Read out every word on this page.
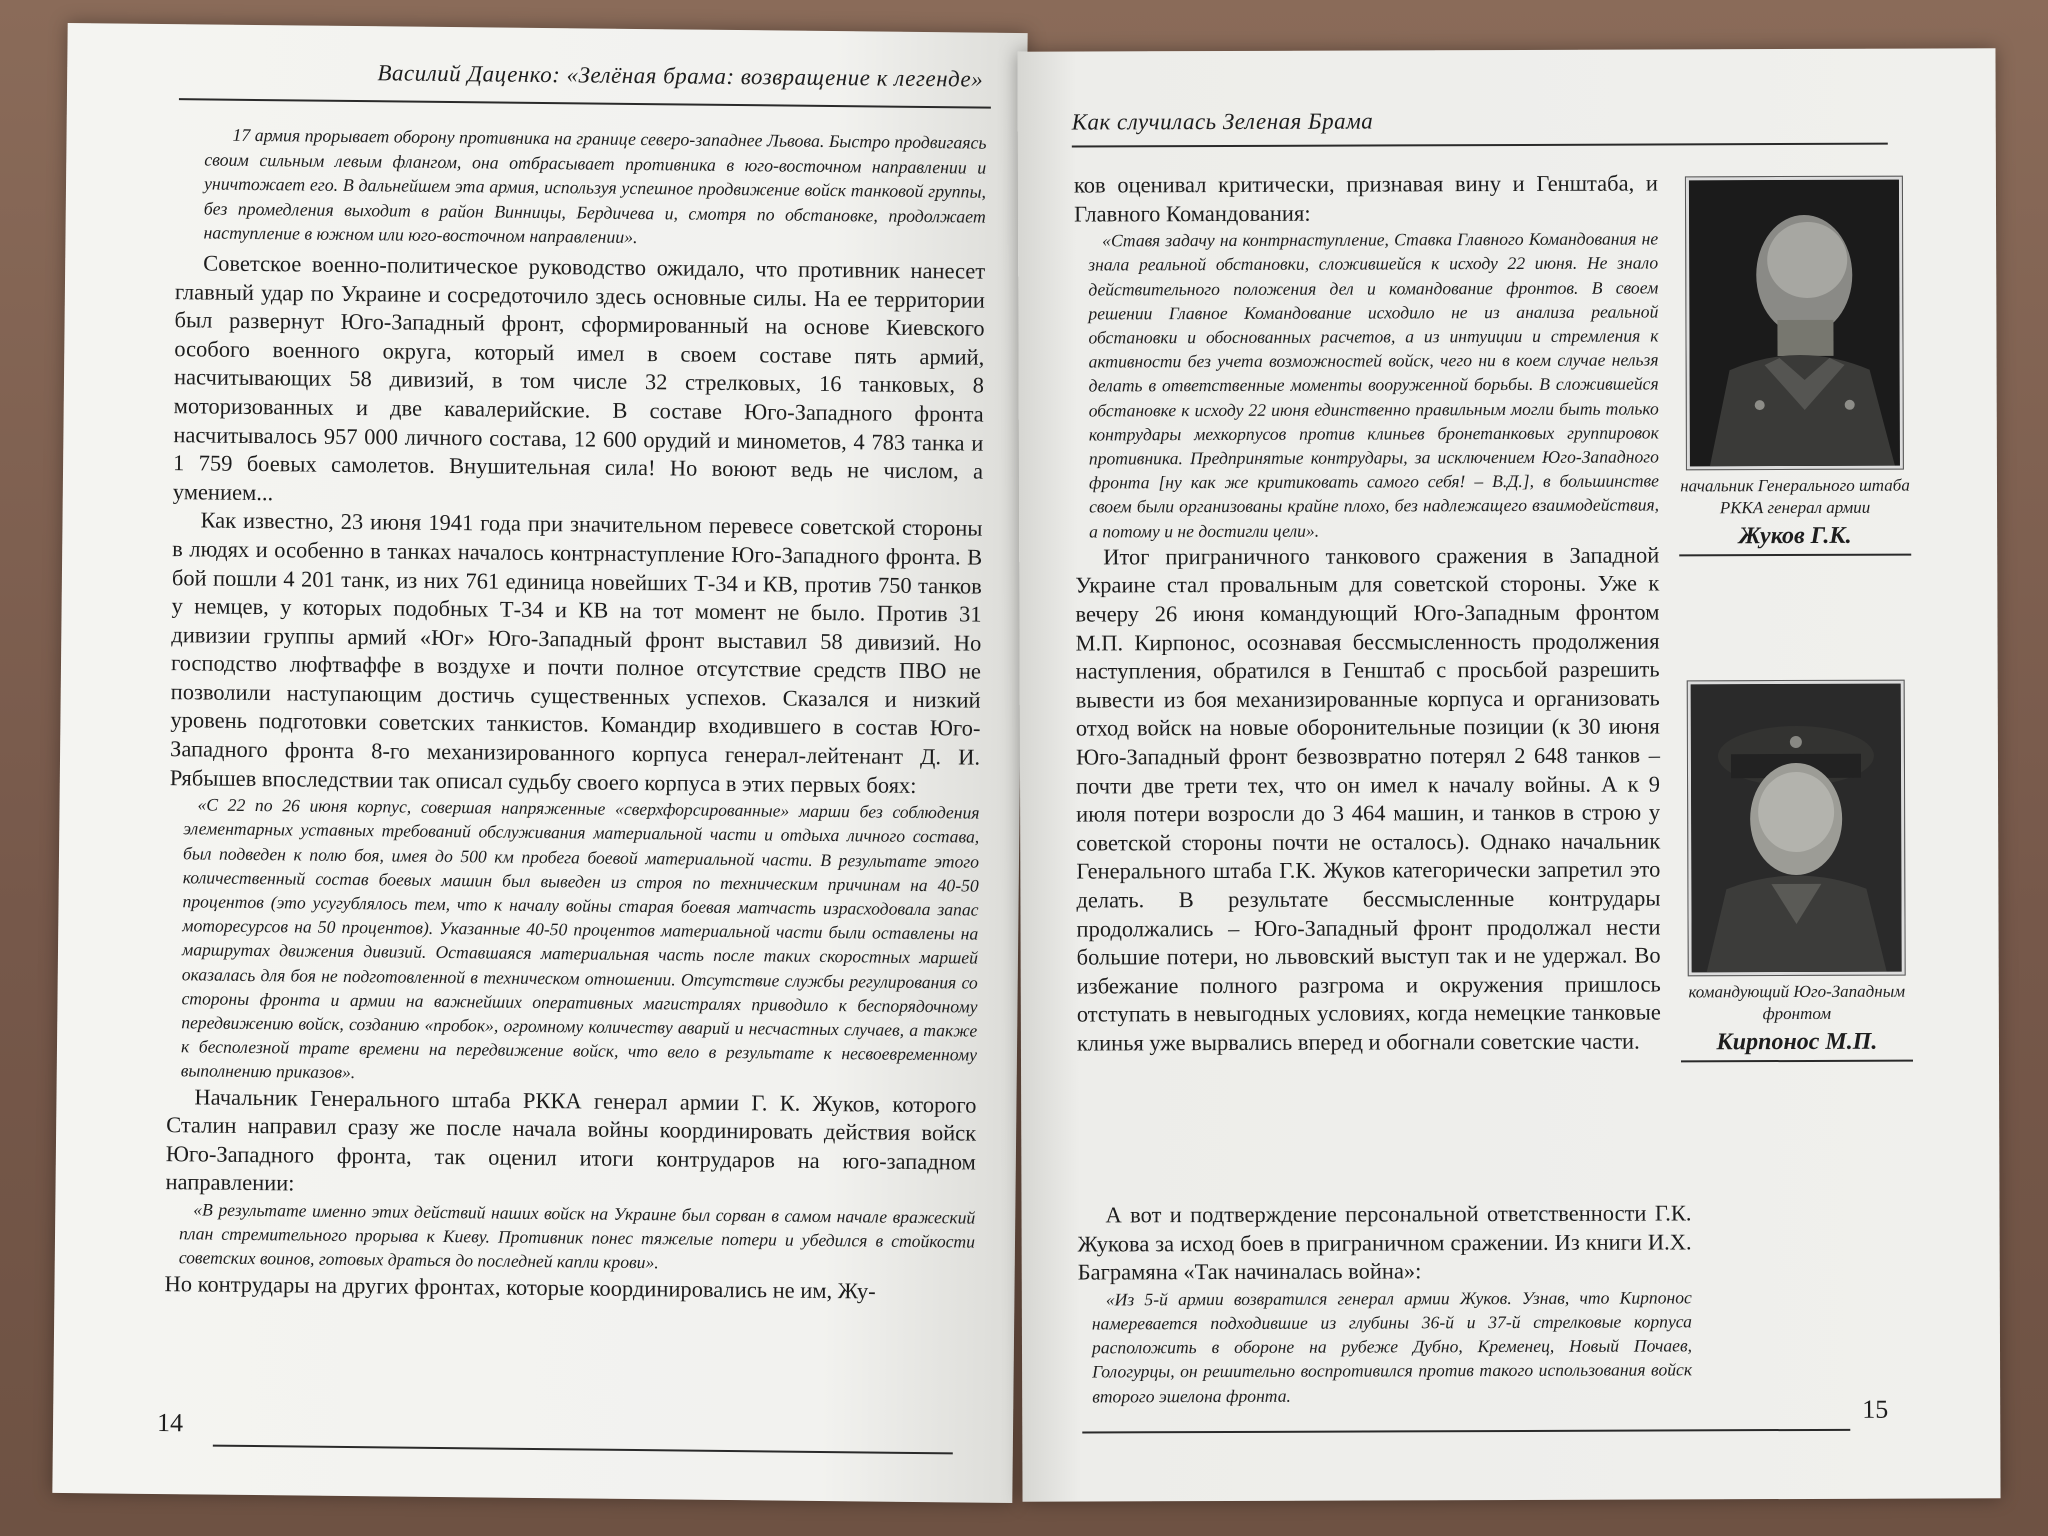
Василий Даценко: «Зелёная брама: возвращение к легенде»

17 армия прорывает оборону противника на границе северо-западнее Львова. Быстро продвигаясь своим сильным левым флангом, она отбрасывает противника в юго-восточном направлении и уничтожает его. В дальнейшем эта армия, используя успешное продвижение войск танковой группы, без промедления выходит в район Винницы, Бердичева и, смотря по обстановке, продолжает наступление в южном или юго-восточном направлении».

Советское военно-политическое руководство ожидало, что противник нанесет главный удар по Украине и сосредоточило здесь основные силы. На ее территории был развернут Юго-Западный фронт, сформированный на основе Киевского особого военного округа, который имел в своем составе пять армий, насчитывающих 58 дивизий, в том числе 32 стрелковых, 16 танковых, 8 моторизованных и две кавалерийские. В составе Юго-Западного фронта насчитывалось 957 000 личного состава, 12 600 орудий и минометов, 4 783 танка и 1 759 боевых самолетов. Внушительная сила! Но воюют ведь не числом, а умением...

Как известно, 23 июня 1941 года при значительном перевесе советской стороны в людях и особенно в танках началось контрнаступление Юго-Западного фронта. В бой пошли 4 201 танк, из них 761 единица новейших Т-34 и КВ, против 750 танков у немцев, у которых подобных Т-34 и КВ на тот момент не было. Против 31 дивизии группы армий «Юг» Юго-Западный фронт выставил 58 дивизий. Но господство люфтваффе в воздухе и почти полное отсутствие средств ПВО не позволили наступающим достичь существенных успехов. Сказался и низкий уровень подготовки советских танкистов. Командир входившего в состав Юго-Западного фронта 8-го механизированного корпуса генерал-лейтенант Д. И. Рябышев впоследствии так описал судьбу своего корпуса в этих первых боях:

«С 22 по 26 июня корпус, совершая напряженные «сверхфорсированные» марши без соблюдения элементарных уставных требований обслуживания материальной части и отдыха личного состава, был подведен к полю боя, имея до 500 км пробега боевой материальной части. В результате этого количественный состав боевых машин был выведен из строя по техническим причинам на 40-50 процентов (это усугублялось тем, что к началу войны старая боевая матчасть израсходовала запас моторесурсов на 50 процентов). Указанные 40-50 процентов материальной части были оставлены на маршрутах движения дивизий. Оставшаяся материальная часть после таких скоростных маршей оказалась для боя не подготовленной в техническом отношении. Отсутствие службы регулирования со стороны фронта и армии на важнейших оперативных магистралях приводило к беспорядочному передвижению войск, созданию «пробок», огромному количеству аварий и несчастных случаев, а также к бесполезной трате времени на передвижение войск, что вело в результате к несвоевременному выполнению приказов».

Начальник Генерального штаба РККА генерал армии Г. К. Жуков, которого Сталин направил сразу же после начала войны координировать действия войск Юго-Западного фронта, так оценил итоги контрударов на юго-западном направлении:

«В результате именно этих действий наших войск на Украине был сорван в самом начале вражеский план стремительного прорыва к Киеву. Противник понес тяжелые потери и убедился в стойкости советских воинов, готовых драться до последней капли крови».

Но контрудары на других фронтах, которые координировались не им, Жу-

14
Как случилась Зеленая Брама

ков оценивал критически, признавая вину и Генштаба, и Главного Командования:

«Ставя задачу на контрнаступление, Ставка Главного Командования не знала реальной обстановки, сложившейся к исходу 22 июня. Не знало действительного положения дел и командование фронтов. В своем решении Главное Командование исходило не из анализа реальной обстановки и обоснованных расчетов, а из интуиции и стремления к активности без учета возможностей войск, чего ни в коем случае нельзя делать в ответственные моменты вооруженной борьбы. В сложившейся обстановке к исходу 22 июня единственно правильным могли быть только контрудары мехкорпусов против клиньев бронетанковых группировок противника. Предпринятые контрудары, за исключением Юго-Западного фронта [ну как же критиковать самого себя! – В.Д.], в большинстве своем были организованы крайне плохо, без надлежащего взаимодействия, а потому и не достигли цели».

Итог приграничного танкового сражения в Западной Украине стал провальным для советской стороны. Уже к вечеру 26 июня командующий Юго-Западным фронтом М.П. Кирпонос, осознавая бессмысленность продолжения наступления, обратился в Генштаб с просьбой разрешить вывести из боя механизированные корпуса и организовать отход войск на новые оборонительные позиции (к 30 июня Юго-Западный фронт безвозвратно потерял 2 648 танков – почти две трети тех, что он имел к началу войны. А к 9 июля потери возросли до 3 464 машин, и танков в строю у советской стороны почти не осталось). Однако начальник Генерального штаба Г.К. Жуков категорически запретил это делать. В результате бессмысленные контрудары продолжались – Юго-Западный фронт продолжал нести большие потери, но львовский выступ так и не удержал. Во избежание полного разгрома и окружения пришлось отступать в невыгодных условиях, когда немецкие танковые клинья уже вырвались вперед и обогнали советские части.

А вот и подтверждение персональной ответственности Г.К. Жукова за исход боев в приграничном сражении. Из книги И.Х. Баграмяна «Так начиналась война»:

«Из 5-й армии возвратился генерал армии Жуков. Узнав, что Кирпонос намеревается подходившие из глубины 36-й и 37-й стрелковые корпуса расположить в обороне на рубеже Дубно, Кременец, Новый Почаев, Гологурцы, он решительно воспротивился против такого использования войск второго эшелона фронта.

начальник Генерального штаба РККА генерал армии
Жуков Г.К.
командующий Юго-Западным фронтом
Кирпонос М.П.
15
